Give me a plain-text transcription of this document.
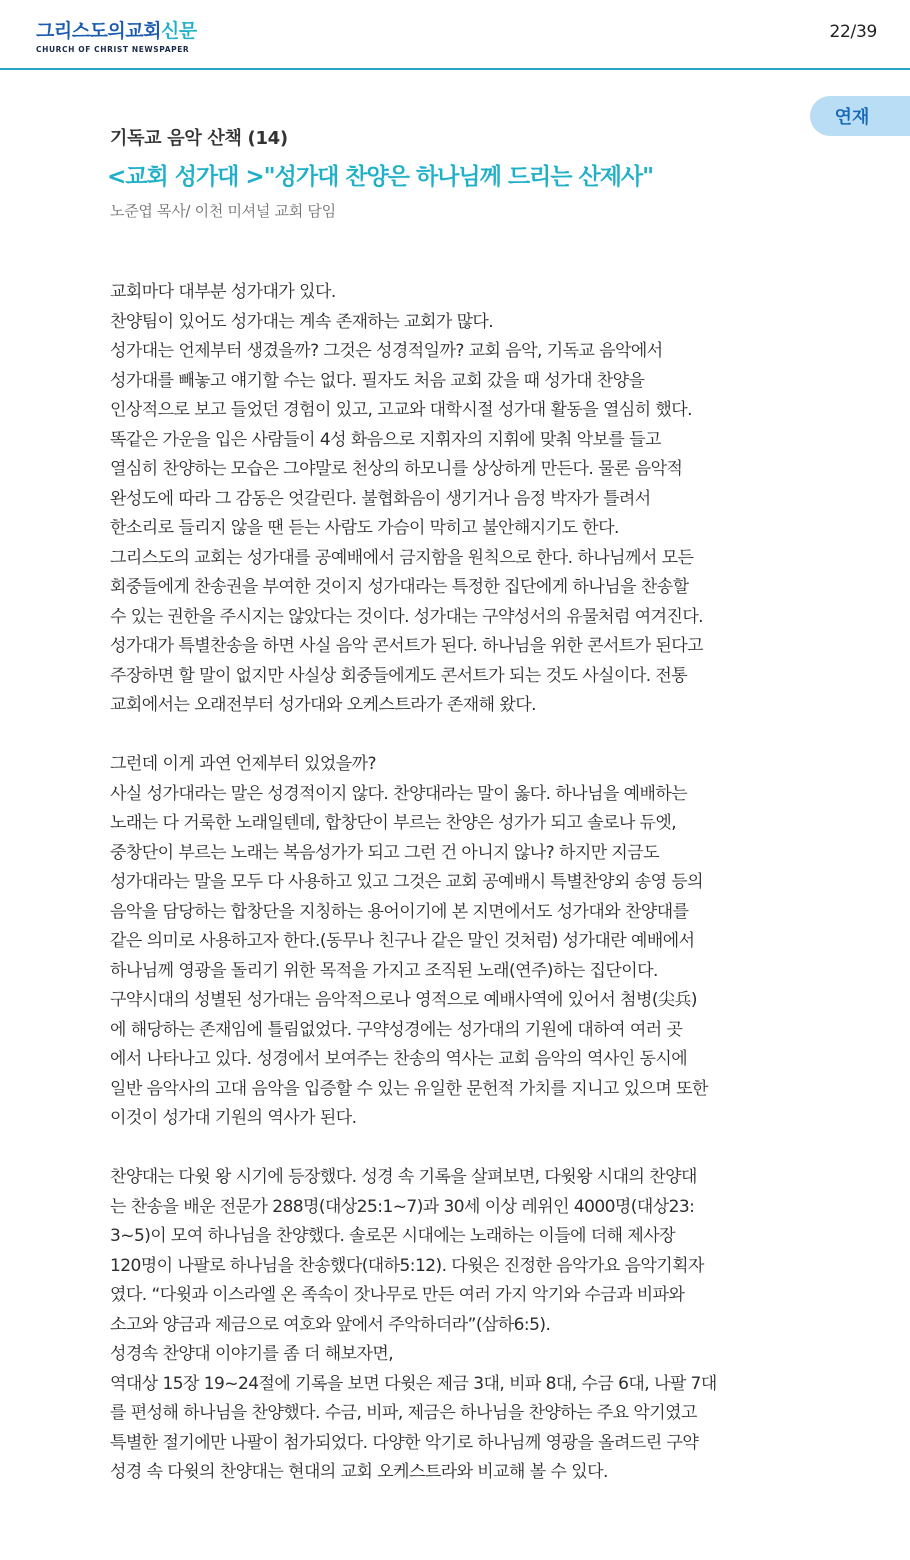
그리스도의교회신문
CHURCH OF CHRIST NEWSPAPER
22/39
연재
기독교 음악 산책 (14)
<교회 성가대 >"성가대 찬양은 하나님께 드리는 산제사"
노준엽 목사/ 이천 미셔널 교회 담임
교회마다 대부분 성가대가 있다.
찬양팀이 있어도 성가대는 계속 존재하는 교회가 많다.
성가대는 언제부터 생겼을까? 그것은 성경적일까? 교회 음악, 기독교 음악에서
성가대를 빼놓고 얘기할 수는 없다. 필자도 처음 교회 갔을 때 성가대 찬양을
인상적으로 보고 들었던 경험이 있고, 고교와 대학시절 성가대 활동을 열심히 했다.
똑같은 가운을 입은 사람들이 4성 화음으로 지휘자의 지휘에 맞춰 악보를 들고
열심히 찬양하는 모습은 그야말로 천상의 하모니를 상상하게 만든다. 물론 음악적
완성도에 따라 그 감동은 엇갈린다. 불협화음이 생기거나 음정 박자가 틀려서
한소리로 들리지 않을 땐 듣는 사람도 가슴이 막히고 불안해지기도 한다.
그리스도의 교회는 성가대를 공예배에서 금지함을 원칙으로 한다. 하나님께서 모든
회중들에게 찬송권을 부여한 것이지 성가대라는 특정한 집단에게 하나님을 찬송할
수 있는 권한을 주시지는 않았다는 것이다. 성가대는 구약성서의 유물처럼 여겨진다.
성가대가 특별찬송을 하면 사실 음악 콘서트가 된다. 하나님을 위한 콘서트가 된다고
주장하면 할 말이 없지만 사실상 회중들에게도 콘서트가 되는 것도 사실이다. 전통
교회에서는 오래전부터 성가대와 오케스트라가 존재해 왔다.
그런데 이게 과연 언제부터 있었을까?
사실 성가대라는 말은 성경적이지 않다. 찬양대라는 말이 옳다. 하나님을 예배하는
노래는 다 거룩한 노래일텐데, 합창단이 부르는 찬양은 성가가 되고 솔로나 듀엣,
중창단이 부르는 노래는 복음성가가 되고 그런 건 아니지 않나? 하지만 지금도
성가대라는 말을 모두 다 사용하고 있고 그것은 교회 공예배시 특별찬양외 송영 등의
음악을 담당하는 합창단을 지칭하는 용어이기에 본 지면에서도 성가대와 찬양대를
같은 의미로 사용하고자 한다.(동무나 친구나 같은 말인 것처럼) 성가대란 예배에서
하나님께 영광을 돌리기 위한 목적을 가지고 조직된 노래(연주)하는 집단이다.
구약시대의 성별된 성가대는 음악적으로나 영적으로 예배사역에 있어서 첨병(尖兵)
에 해당하는 존재임에 틀림없었다. 구약성경에는 성가대의 기원에 대하여 여러 곳
에서 나타나고 있다. 성경에서 보여주는 찬송의 역사는 교회 음악의 역사인 동시에
일반 음악사의 고대 음악을 입증할 수 있는 유일한 문헌적 가치를 지니고 있으며 또한
이것이 성가대 기원의 역사가 된다.
찬양대는 다윗 왕 시기에 등장했다. 성경 속 기록을 살펴보면, 다윗왕 시대의 찬양대
는 찬송을 배운 전문가 288명(대상25:1~7)과 30세 이상 레위인 4000명(대상23:
3~5)이 모여 하나님을 찬양했다. 솔로몬 시대에는 노래하는 이들에 더해 제사장
120명이 나팔로 하나님을 찬송했다(대하5:12). 다윗은 진정한 음악가요 음악기획자
였다. “다윗과 이스라엘 온 족속이 잣나무로 만든 여러 가지 악기와 수금과 비파와
소고와 양금과 제금으로 여호와 앞에서 주악하더라”(삼하6:5).
성경속 찬양대 이야기를 좀 더 해보자면,
역대상 15장 19~24절에 기록을 보면 다윗은 제금 3대, 비파 8대, 수금 6대, 나팔 7대
를 편성해 하나님을 찬양했다. 수금, 비파, 제금은 하나님을 찬양하는 주요 악기였고
특별한 절기에만 나팔이 첨가되었다. 다양한 악기로 하나님께 영광을 올려드린 구약
성경 속 다윗의 찬양대는 현대의 교회 오케스트라와 비교해 볼 수 있다.
